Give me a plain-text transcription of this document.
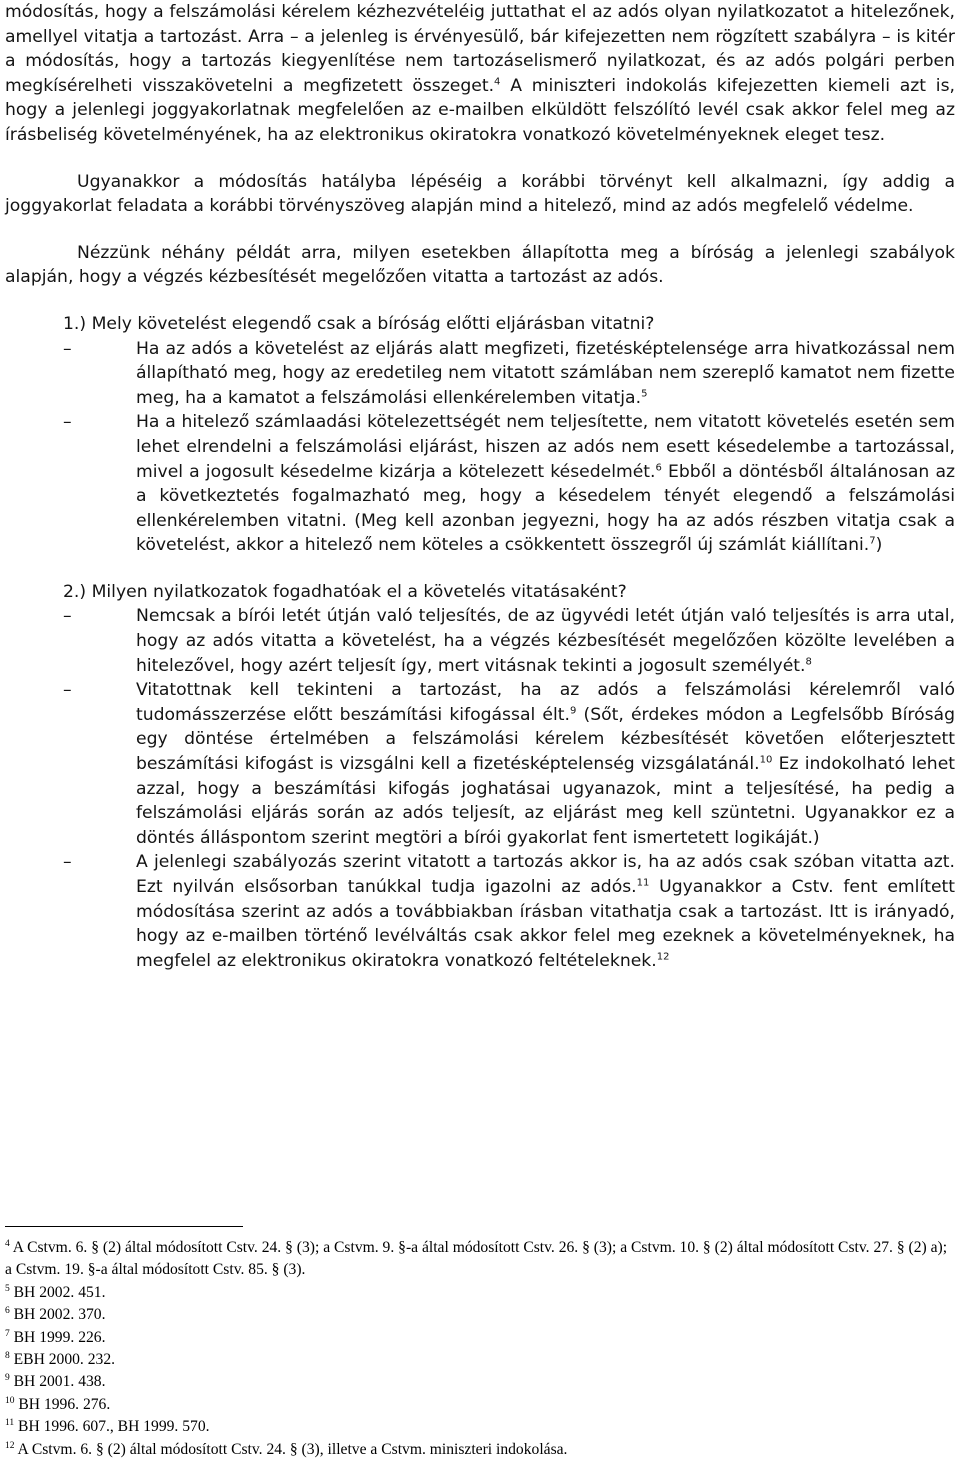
módosítás, hogy a felszámolási kérelem kézhezvételéig juttathat el az adós olyan nyilatkozatot a hitelezőnek, amellyel vitatja a tartozást. Arra – a jelenleg is érvényesülő, bár kifejezetten nem rögzített szabályra – is kitér a módosítás, hogy a tartozás kiegyenlítése nem tartozáselismerő nyilatkozat, és az adós polgári perben megkísérelheti visszakövetelni a megfizetett összeget.$^4$ A miniszteri indokolás kifejezetten kiemeli azt is, hogy a jelenlegi joggyakorlatnak megfelelően az e-mailben elküldött felszólító levél csak akkor felel meg az írásbeliség követelményének, ha az elektronikus okiratokra vonatkozó követelményeknek eleget tesz.

Ugyanakkor a módosítás hatályba lépéséig a korábbi törvényt kell alkalmazni, így addig a joggyakorlat feladata a korábbi törvényszöveg alapján mind a hitelező, mind az adós megfelelő védelme.

Nézzünk néhány példát arra, milyen esetekben állapította meg a bíróság a jelenlegi szabályok alapján, hogy a végzés kézbesítését megelőzően vitatta a tartozást az adós.

1.) Mely követelést elegendő csak a bíróság előtti eljárásban vitatni?

–	Ha az adós a követelést az eljárás alatt megfizeti, fizetésképtelensége arra hivatkozással nem állapítható meg, hogy az eredetileg nem vitatott számlában nem szereplő kamatot nem fizette meg, ha a kamatot a felszámolási ellenkérelemben vitatja.$^5$

–	Ha a hitelező számlaadási kötelezettségét nem teljesítette, nem vitatott követelés esetén sem lehet elrendelni a felszámolási eljárást, hiszen az adós nem esett késedelembe a tartozással, mivel a jogosult késedelme kizárja a kötelezett késedelmét.$^6$ Ebből a döntésből általánosan az a következtetés fogalmazható meg, hogy a késedelem tényét elegendő a felszámolási ellenkérelemben vitatni. (Meg kell azonban jegyezni, hogy ha az adós részben vitatja csak a követelést, akkor a hitelező nem köteles a csökkentett összegről új számlát kiállítani.$^7$)

2.) Milyen nyilatkozatok fogadhatóak el a követelés vitatásaként?

–	Nemcsak a bírói letét útján való teljesítés, de az ügyvédi letét útján való teljesítés is arra utal, hogy az adós vitatta a követelést, ha a végzés kézbesítését megelőzően közölte levelében a hitelezővel, hogy azért teljesít így, mert vitásnak tekinti a jogosult személyét.$^8$

–	Vitatottnak kell tekinteni a tartozást, ha az adós a felszámolási kérelemről való tudomásszerzése előtt beszámítási kifogással élt.$^9$ (Sőt, érdekes módon a Legfelsőbb Bíróság egy döntése értelmében a felszámolási kérelem kézbesítését követően előterjesztett beszámítási kifogást is vizsgálni kell a fizetésképtelenség vizsgálatánál.$^{10}$ Ez indokolható lehet azzal, hogy a beszámítási kifogás joghatásai ugyanazok, mint a teljesítésé, ha pedig a felszámolási eljárás során az adós teljesít, az eljárást meg kell szüntetni. Ugyanakkor ez a döntés álláspontom szerint megtöri a bírói gyakorlat fent ismertetett logikáját.)

–	A jelenlegi szabályozás szerint vitatott a tartozás akkor is, ha az adós csak szóban vitatta azt. Ezt nyilván elsősorban tanúkkal tudja igazolni az adós.$^{11}$ Ugyanakkor a Cstv. fent említett módosítása szerint az adós a továbbiakban írásban vitathatja csak a tartozást. Itt is irányadó, hogy az e-mailben történő levélváltás csak akkor felel meg ezeknek a követelményeknek, ha megfelel az elektronikus okiratokra vonatkozó feltételeknek.$^{12}$

$^4$ A Cstvm. 6. § (2) által módosított Cstv. 24. § (3); a Cstvm. 9. §-a által módosított Cstv. 26. § (3); a Cstvm. 10. § (2) által módosított Cstv. 27. § (2) a); a Cstvm. 19. §-a által módosított Cstv. 85. § (3).

$^5$ BH 2002. 451.

$^6$ BH 2002. 370.

$^7$ BH 1999. 226.

$^8$ EBH 2000. 232.

$^9$ BH 2001. 438.

$^{10}$ BH 1996. 276.

$^{11}$ BH 1996. 607., BH 1999. 570.

$^{12}$ A Cstvm. 6. § (2) által módosított Cstv. 24. § (3), illetve a Cstvm. miniszteri indokolása.
